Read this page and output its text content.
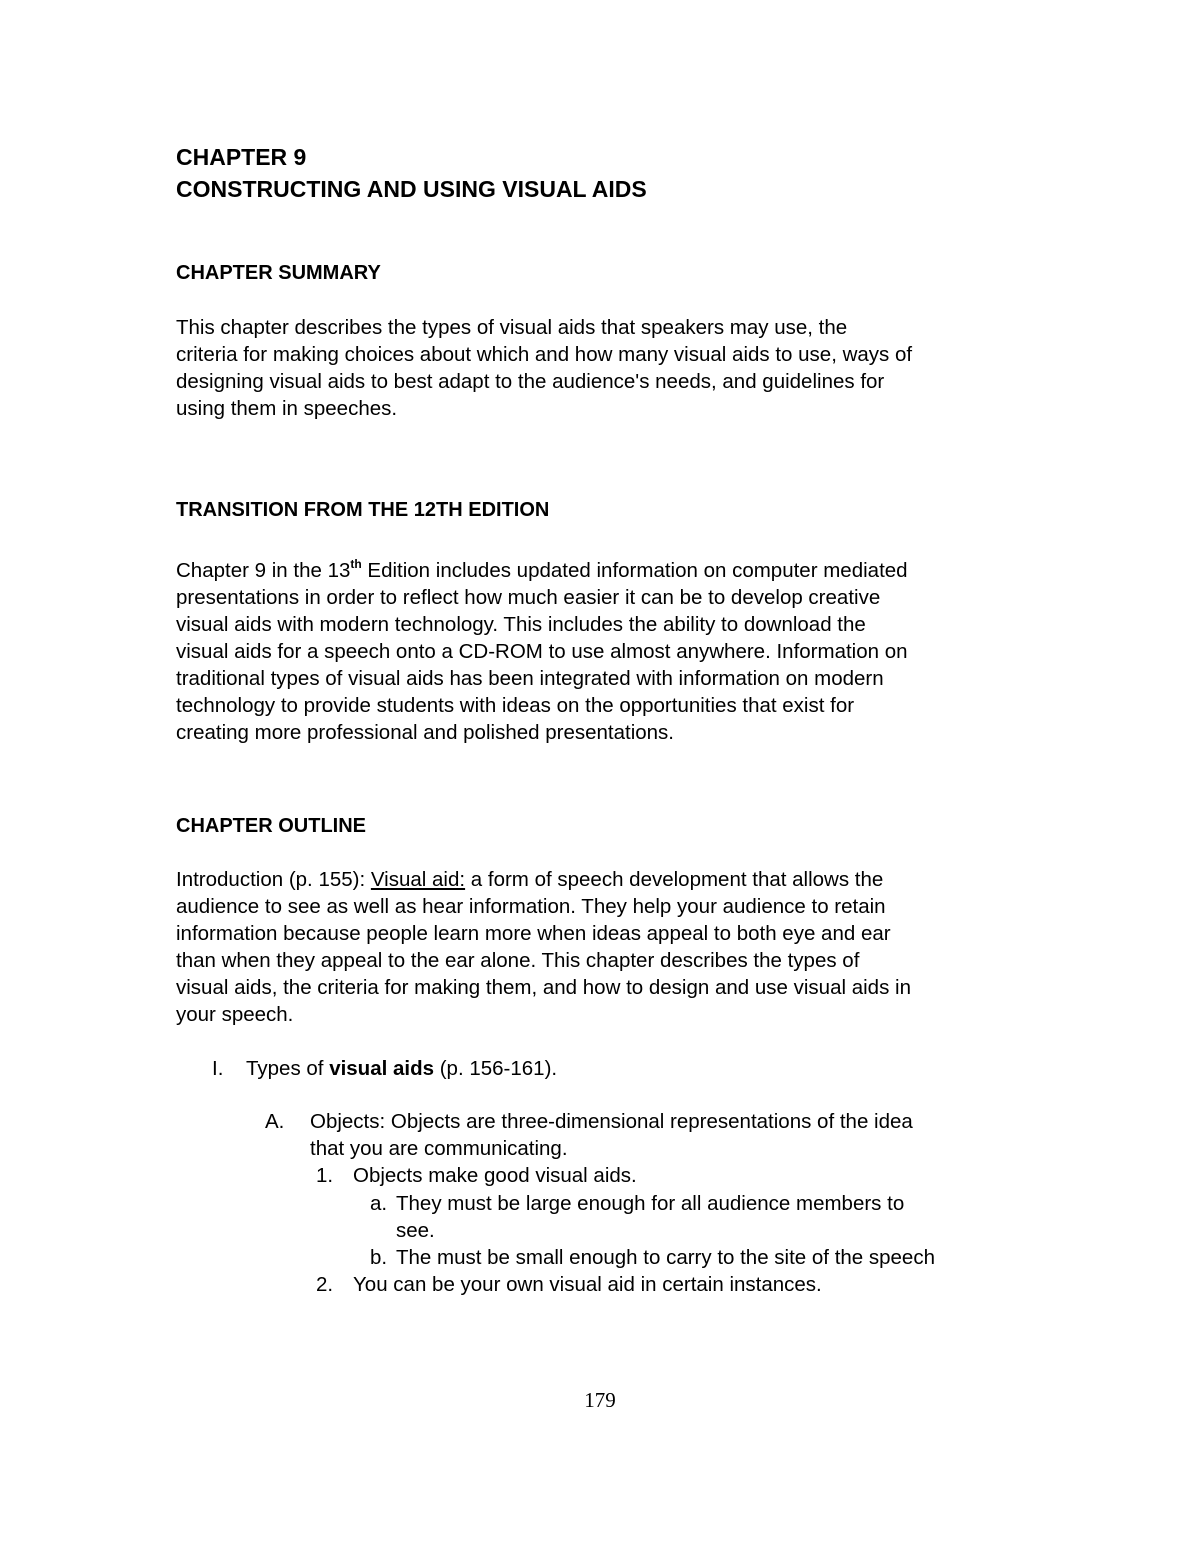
CHAPTER 9
CONSTRUCTING AND USING VISUAL AIDS
CHAPTER SUMMARY
This chapter describes the types of visual aids that speakers may use, the
criteria for making choices about which and how many visual aids to use, ways of
designing visual aids to best adapt to the audience's needs, and guidelines for
using them in speeches.
TRANSITION FROM THE 12TH EDITION
Chapter 9 in the 13th Edition includes updated information on computer mediated
presentations in order to reflect how much easier it can be to develop creative
visual aids with modern technology. This includes the ability to download the
visual aids for a speech onto a CD-ROM to use almost anywhere. Information on
traditional types of visual aids has been integrated with information on modern
technology to provide students with ideas on the opportunities that exist for
creating more professional and polished presentations.
CHAPTER OUTLINE
Introduction (p. 155): Visual aid: a form of speech development that allows the
audience to see as well as hear information. They help your audience to retain
information because people learn more when ideas appeal to both eye and ear
than when they appeal to the ear alone. This chapter describes the types of
visual aids, the criteria for making them, and how to design and use visual aids in
your speech.
I. Types of visual aids (p. 156-161).
A. Objects: Objects are three-dimensional representations of the idea
that you are communicating.
1. Objects make good visual aids.
a. They must be large enough for all audience members to
see.
b. The must be small enough to carry to the site of the speech
2. You can be your own visual aid in certain instances.
179
